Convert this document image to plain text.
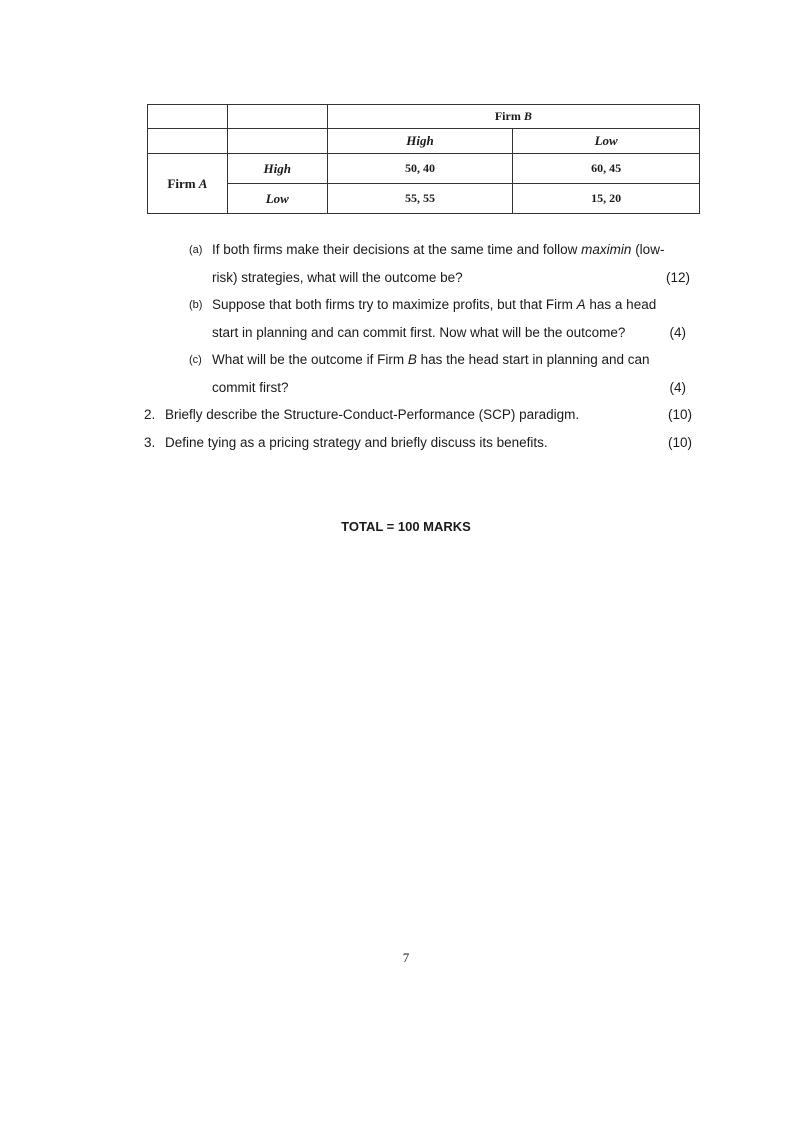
		Firm B	
		High	Low
Firm A	High	50, 40	60, 45
	Low	55, 55	15, 20
(a) If both firms make their decisions at the same time and follow maximin (low-
risk) strategies, what will the outcome be?	(12)
(b) Suppose that both firms try to maximize profits, but that Firm A has a head
start in planning and can commit first. Now what will be the outcome?	(4)
(c) What will be the outcome if Firm B has the head start in planning and can
commit first?	(4)
2. Briefly describe the Structure-Conduct-Performance (SCP) paradigm.	(10)
3. Define tying as a pricing strategy and briefly discuss its benefits.	(10)
TOTAL = 100 MARKS
7
